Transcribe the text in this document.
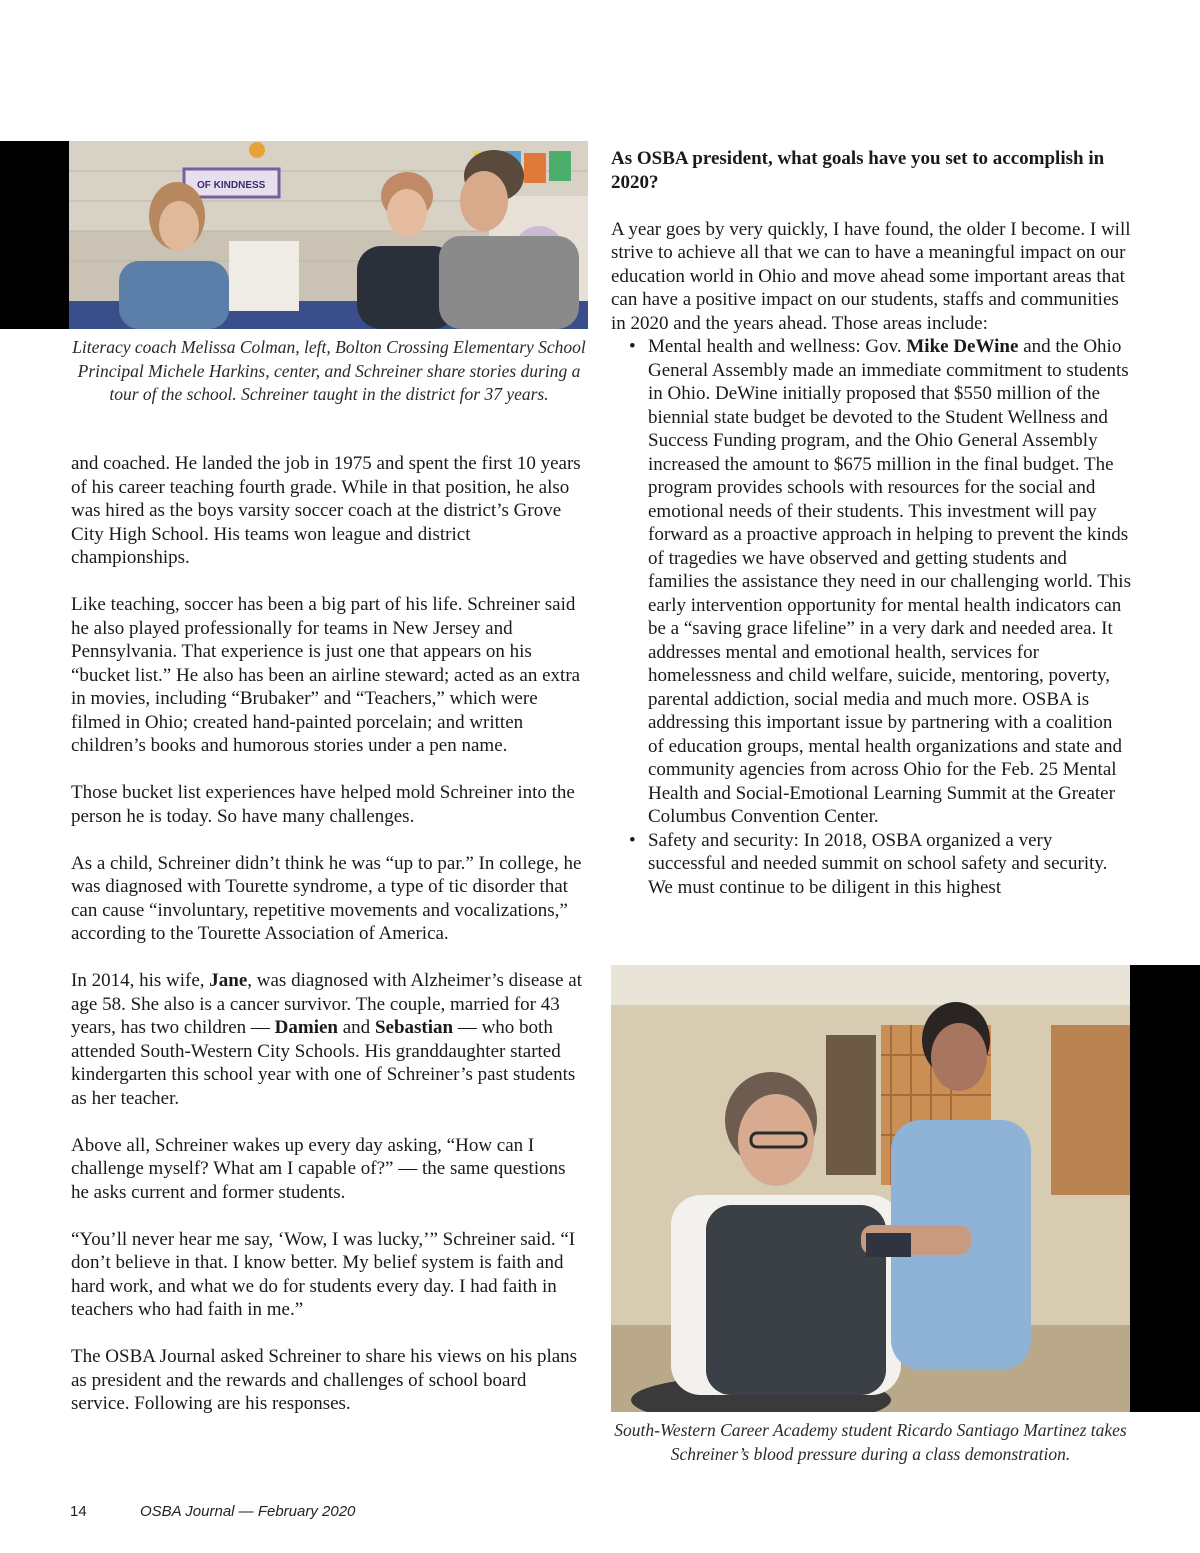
OF KINDNESS
Literacy coach Melissa Colman, left, Bolton Crossing Elementary School Principal Michele Harkins, center, and Schreiner share stories during a tour of the school. Schreiner taught in the district for 37 years.

and coached. He landed the job in 1975 and spent the first 10 years of his career teaching fourth grade. While in that position, he also was hired as the boys varsity soccer coach at the district’s Grove City High School. His teams won league and district championships.

Like teaching, soccer has been a big part of his life. Schreiner said he also played professionally for teams in New Jersey and Pennsylvania. That experience is just one that appears on his “bucket list.” He also has been an airline steward; acted as an extra in movies, including “Brubaker” and “Teachers,” which were filmed in Ohio; created hand-painted porcelain; and written children’s books and humorous stories under a pen name.

Those bucket list experiences have helped mold Schreiner into the person he is today. So have many challenges.

As a child, Schreiner didn’t think he was “up to par.” In college, he was diagnosed with Tourette syndrome, a type of tic disorder that can cause “involuntary, repetitive movements and vocalizations,” according to the Tourette Association of America.

In 2014, his wife, Jane, was diagnosed with Alzheimer’s disease at age 58. She also is a cancer survivor. The couple, married for 43 years, has two children — Damien and Sebastian — who both attended South-Western City Schools. His granddaughter started kindergarten this school year with one of Schreiner’s past students as her teacher.

Above all, Schreiner wakes up every day asking, “How can I challenge myself? What am I capable of?” — the same questions he asks current and former students.

“You’ll never hear me say, ‘Wow, I was lucky,’” Schreiner said. “I don’t believe in that. I know better. My belief system is faith and hard work, and what we do for students every day. I had faith in teachers who had faith in me.”

The OSBA Journal asked Schreiner to share his views on his plans as president and the rewards and challenges of school board service. Following are his responses.

As OSBA president, what goals have you set to accomplish in 2020?

A year goes by very quickly, I have found, the older I become. I will strive to achieve all that we can to have a meaningful impact on our education world in Ohio and move ahead some important areas that can have a positive impact on our students, staffs and communities in 2020 and the years ahead. Those areas include:

• Mental health and wellness: Gov. Mike DeWine and the Ohio General Assembly made an immediate commitment to students in Ohio. DeWine initially proposed that $550 million of the biennial state budget be devoted to the Student Wellness and Success Funding program, and the Ohio General Assembly increased the amount to $675 million in the final budget. The program provides schools with resources for the social and emotional needs of their students. This investment will pay forward as a proactive approach in helping to prevent the kinds of tragedies we have observed and getting students and families the assistance they need in our challenging world. This early intervention opportunity for mental health indicators can be a “saving grace lifeline” in a very dark and needed area. It addresses mental and emotional health, services for homelessness and child welfare, suicide, mentoring, poverty, parental addiction, social media and much more. OSBA is addressing this important issue by partnering with a coalition of education groups, mental health organizations and state and community agencies from across Ohio for the Feb. 25 Mental Health and Social-Emotional Learning Summit at the Greater Columbus Convention Center.
• Safety and security: In 2018, OSBA organized a very successful and needed summit on school safety and security. We must continue to be diligent in this highest
South-Western Career Academy student Ricardo Santiago Martinez takes Schreiner’s blood pressure during a class demonstration.
14	OSBA Journal — February 2020
